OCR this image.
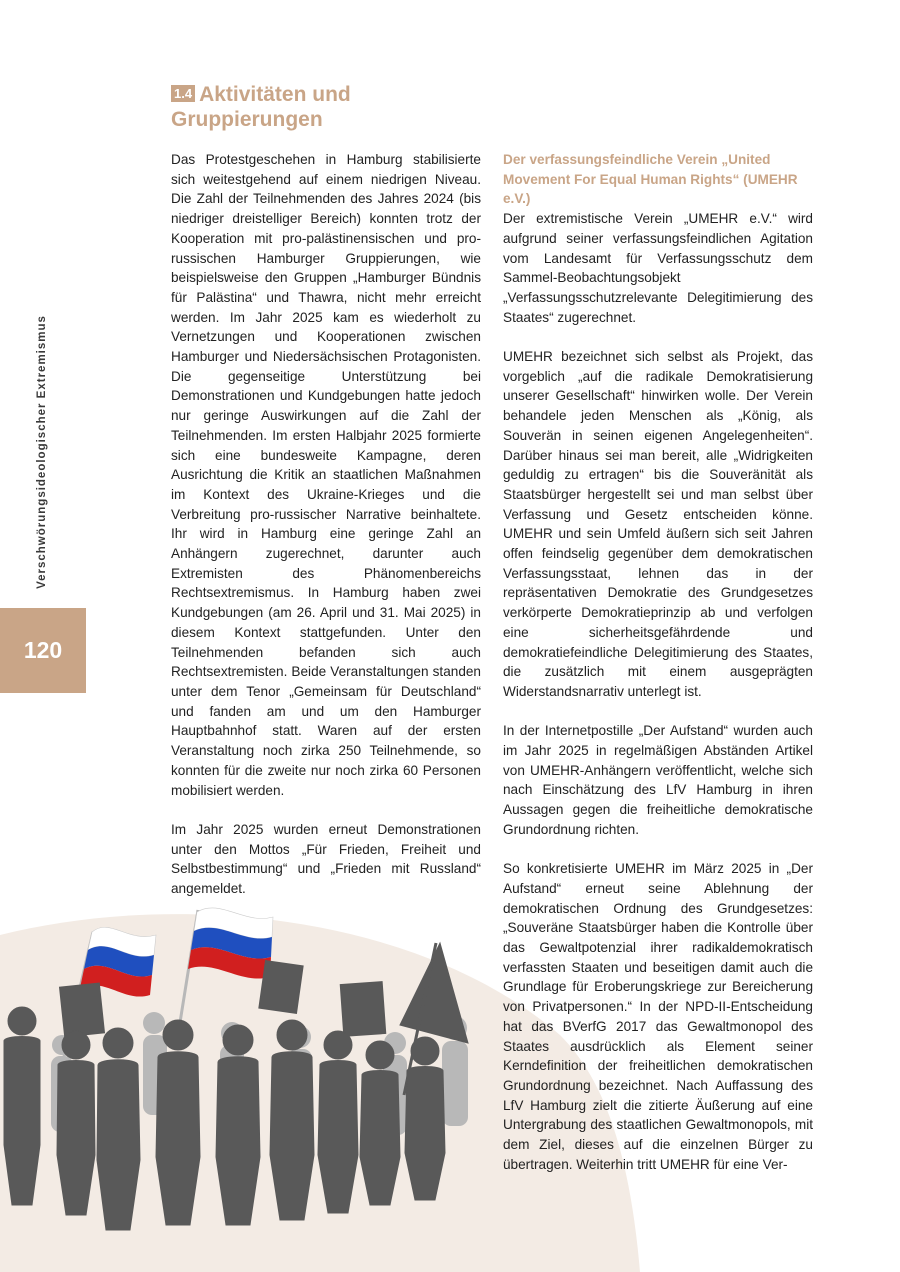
Verschwörungsideologischer Extremismus
120
1.4 Aktivitäten und Gruppierungen

Das Protestgeschehen in Hamburg stabilisierte sich weitestgehend auf einem niedrigen Niveau. Die Zahl der Teilnehmenden des Jahres 2024 (bis niedriger dreistelliger Bereich) konnten trotz der Kooperation mit pro-palästinensischen und pro-russischen Hamburger Gruppierungen, wie beispielsweise den Gruppen „Hamburger Bündnis für Palästina“ und Thawra, nicht mehr erreicht werden. Im Jahr 2025 kam es wiederholt zu Vernetzungen und Kooperationen zwischen Hamburger und Niedersächsischen Protagonisten. Die gegenseitige Unterstützung bei Demonstrationen und Kundgebungen hatte jedoch nur geringe Auswirkungen auf die Zahl der Teilnehmenden. Im ersten Halbjahr 2025 formierte sich eine bundesweite Kampagne, deren Ausrichtung die Kritik an staatlichen Maßnahmen im Kontext des Ukraine-Krieges und die Verbreitung pro-russischer Narrative beinhaltete. Ihr wird in Hamburg eine geringe Zahl an Anhängern zugerechnet, darunter auch Extremisten des Phänomenbereichs Rechtsextremismus. In Hamburg haben zwei Kundgebungen (am 26. April und 31. Mai 2025) in diesem Kontext stattgefunden. Unter den Teilnehmenden befanden sich auch Rechtsextremisten. Beide Veranstaltungen standen unter dem Tenor „Gemeinsam für Deutschland“ und fanden am und um den Hamburger Hauptbahnhof statt. Waren auf der ersten Veranstaltung noch zirka 250 Teilnehmende, so konnten für die zweite nur noch zirka 60 Personen mobilisiert werden.

Im Jahr 2025 wurden erneut Demonstrationen unter den Mottos „Für Frieden, Freiheit und Selbstbestimmung“ und „Frieden mit Russland“ angemeldet.

Der verfassungsfeindliche Verein „United Movement For Equal Human Rights“ (UMEHR e.V.)

Der extremistische Verein „UMEHR e.V.“ wird aufgrund seiner verfassungsfeindlichen Agitation vom Landesamt für Verfassungsschutz dem Sammel-Beobachtungsobjekt „Verfassungsschutzrelevante Delegitimierung des Staates“ zugerechnet.

UMEHR bezeichnet sich selbst als Projekt, das vorgeblich „auf die radikale Demokratisierung unserer Gesellschaft“ hinwirken wolle. Der Verein behandele jeden Menschen als „König, als Souverän in seinen eigenen Angelegenheiten“. Darüber hinaus sei man bereit, alle „Widrigkeiten geduldig zu ertragen“ bis die Souveränität als Staatsbürger hergestellt sei und man selbst über Verfassung und Gesetz entscheiden könne. UMEHR und sein Umfeld äußern sich seit Jahren offen feindselig gegenüber dem demokratischen Verfassungsstaat, lehnen das in der repräsentativen Demokratie des Grundgesetzes verkörperte Demokratieprinzip ab und verfolgen eine sicherheitsgefährdende und demokratiefeindliche Delegitimierung des Staates, die zusätzlich mit einem ausgeprägten Widerstandsnarrativ unterlegt ist.

In der Internetpostille „Der Aufstand“ wurden auch im Jahr 2025 in regelmäßigen Abständen Artikel von UMEHR-Anhängern veröffentlicht, welche sich nach Einschätzung des LfV Hamburg in ihren Aussagen gegen die freiheitliche demokratische Grundordnung richten.

So konkretisierte UMEHR im März 2025 in „Der Aufstand“ erneut seine Ablehnung der demokratischen Ordnung des Grundgesetzes: „Souveräne Staatsbürger haben die Kontrolle über das Gewaltpotenzial ihrer radikaldemokratisch verfassten Staaten und beseitigen damit auch die Grundlage für Eroberungskriege zur Bereicherung von Privatpersonen.“ In der NPD-II-Entscheidung hat das BVerfG 2017 das Gewaltmonopol des Staates ausdrücklich als Element seiner Kerndefinition der freiheitlichen demokratischen Grundordnung bezeichnet. Nach Auffassung des LfV Hamburg zielt die zitierte Äußerung auf eine Untergrabung des staatlichen Gewaltmonopols, mit dem Ziel, dieses auf die einzelnen Bürger zu übertragen. Weiterhin tritt UMEHR für eine Ver-
